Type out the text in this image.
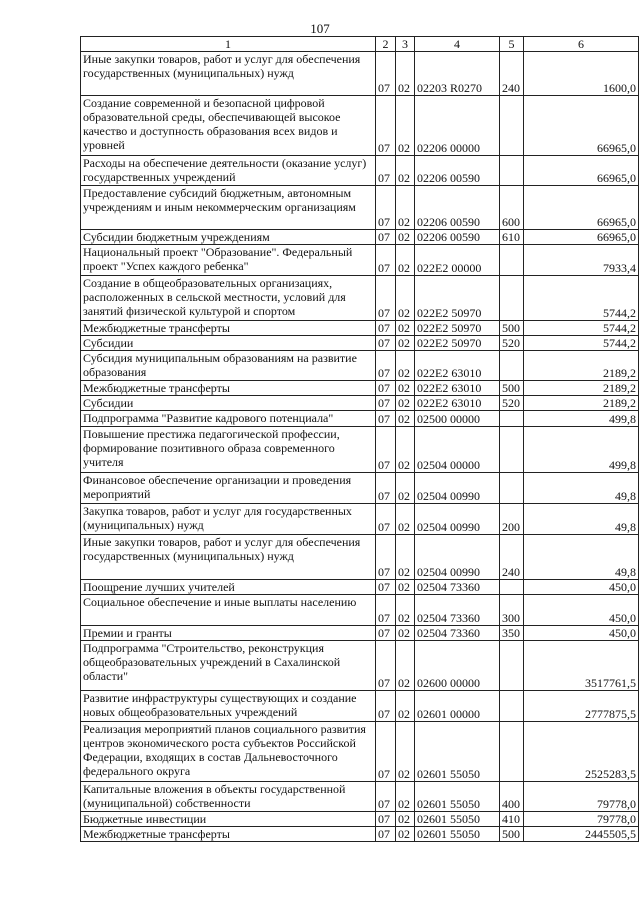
107
1	2	3	4	5	6
Иные закупки товаров, работ и услуг для обеспечения государственных (муниципальных) нужд	07	02	02203 R0270	240	1600,0
Создание современной и безопасной цифровой образовательной среды, обеспечивающей высокое качество и доступность образования всех видов и уровней	07	02	02206 00000		66965,0
Расходы на обеспечение деятельности (оказание услуг) государственных учреждений	07	02	02206 00590		66965,0
Предоставление субсидий бюджетным, автономным учреждениям и иным некоммерческим организациям	07	02	02206 00590	600	66965,0
Субсидии бюджетным учреждениям	07	02	02206 00590	610	66965,0
Национальный проект "Образование". Федеральный проект "Успех каждого ребенка"	07	02	022Е2 00000		7933,4
Создание в общеобразовательных организациях, расположенных в сельской местности, условий для занятий физической культурой и спортом	07	02	022Е2 50970		5744,2
Межбюджетные трансферты	07	02	022Е2 50970	500	5744,2
Субсидии	07	02	022Е2 50970	520	5744,2
Субсидия муниципальным образованиям на развитие образования	07	02	022Е2 63010		2189,2
Межбюджетные трансферты	07	02	022Е2 63010	500	2189,2
Субсидии	07	02	022Е2 63010	520	2189,2
Подпрограмма "Развитие кадрового потенциала"	07	02	02500 00000		499,8
Повышение престижа педагогической профессии, формирование позитивного образа современного учителя	07	02	02504 00000		499,8
Финансовое обеспечение организации и проведения мероприятий	07	02	02504 00990		49,8
Закупка товаров, работ и услуг для государственных (муниципальных) нужд	07	02	02504 00990	200	49,8
Иные закупки товаров, работ и услуг для обеспечения государственных (муниципальных) нужд	07	02	02504 00990	240	49,8
Поощрение лучших учителей	07	02	02504 73360		450,0
Социальное обеспечение и иные выплаты населению	07	02	02504 73360	300	450,0
Премии и гранты	07	02	02504 73360	350	450,0
Подпрограмма "Строительство, реконструкция общеобразовательных учреждений в Сахалинской области"	07	02	02600 00000		3517761,5
Развитие инфраструктуры существующих и создание новых общеобразовательных учреждений	07	02	02601 00000		2777875,5
Реализация мероприятий планов социального развития центров экономического роста субъектов Российской Федерации, входящих в состав Дальневосточного федерального округа	07	02	02601 55050		2525283,5
Капитальные вложения в объекты государственной (муниципальной) собственности	07	02	02601 55050	400	79778,0
Бюджетные инвестиции	07	02	02601 55050	410	79778,0
Межбюджетные трансферты	07	02	02601 55050	500	2445505,5
